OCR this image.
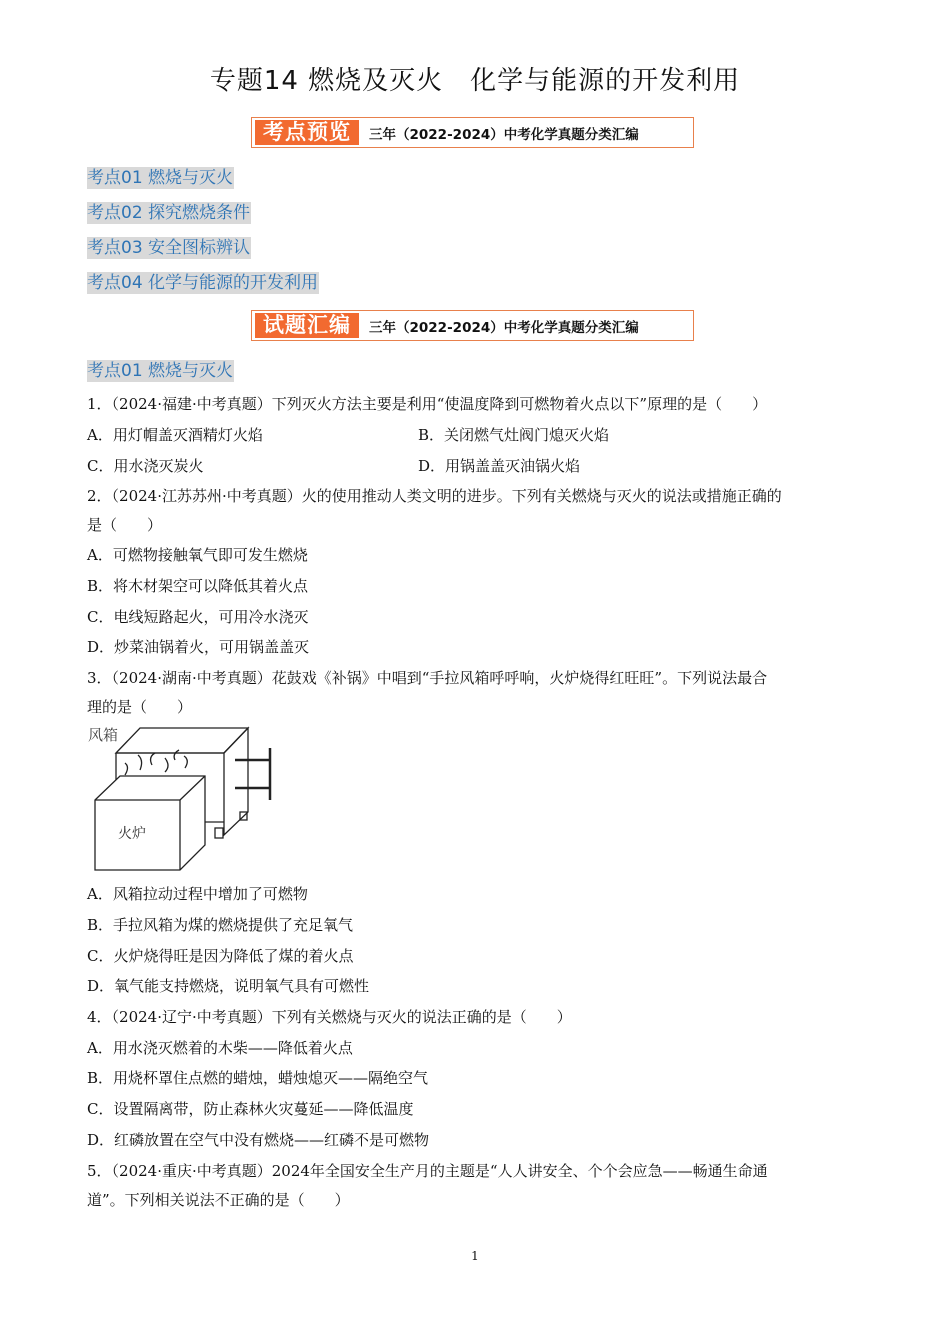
专题14 燃烧及灭火　化学与能源的开发利用
考点预览	三年（2022-2024）中考化学真题分类汇编
考点01 燃烧与灭火
考点02 探究燃烧条件
考点03 安全图标辨认
考点04 化学与能源的开发利用
试题汇编	三年（2022-2024）中考化学真题分类汇编
考点01 燃烧与灭火
1．（2024·福建·中考真题）下列灭火方法主要是利用“使温度降到可燃物着火点以下”原理的是（　　）
A．用灯帽盖灭酒精灯火焰	B．关闭燃气灶阀门熄灭火焰
C．用水浇灭炭火	D．用锅盖盖灭油锅火焰
2．（2024·江苏苏州·中考真题）火的使用推动人类文明的进步。下列有关燃烧与灭火的说法或措施正确的
是（　　）
A．可燃物接触氧气即可发生燃烧
B．将木材架空可以降低其着火点
C．电线短路起火，可用冷水浇灭
D．炒菜油锅着火，可用锅盖盖灭
3．（2024·湖南·中考真题）花鼓戏《补锅》中唱到“手拉风箱呼呼响，火炉烧得红旺旺”。下列说法最合
理的是（　　）
风箱
火炉
A．风箱拉动过程中增加了可燃物
B．手拉风箱为煤的燃烧提供了充足氧气
C．火炉烧得旺是因为降低了煤的着火点
D．氧气能支持燃烧，说明氧气具有可燃性
4．（2024·辽宁·中考真题）下列有关燃烧与灭火的说法正确的是（　　）
A．用水浇灭燃着的木柴——降低着火点
B．用烧杯罩住点燃的蜡烛，蜡烛熄灭——隔绝空气
C．设置隔离带，防止森林火灾蔓延——降低温度
D．红磷放置在空气中没有燃烧——红磷不是可燃物
5．（2024·重庆·中考真题）2024年全国安全生产月的主题是“人人讲安全、个个会应急——畅通生命通
道”。下列相关说法不正确的是（　　）
1
